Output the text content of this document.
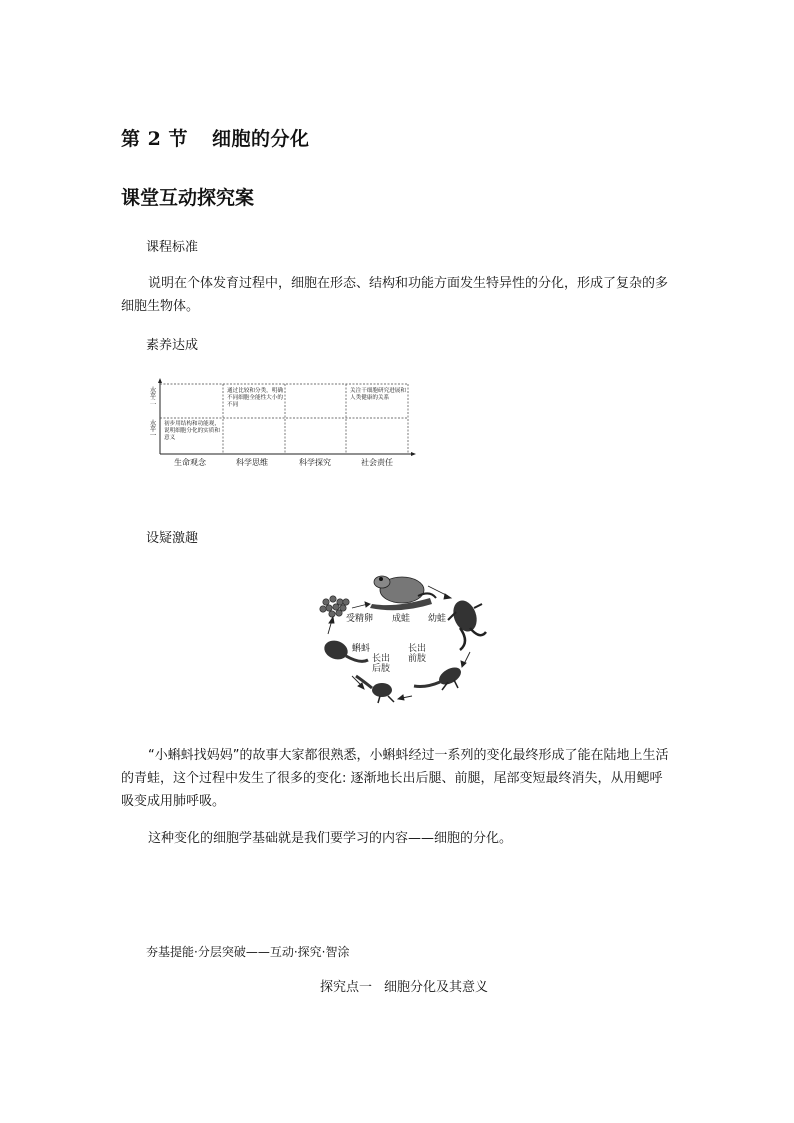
第 2 节 细胞的分化
课堂互动探究案
课程标准
说明在个体发育过程中，细胞在形态、结构和功能方面发生特异性的分化，形成了复杂的多细胞生物体。
素养达成
水平二
水平一
通过比较和分类，明确不同细胞全能性大小的不同
关注干细胞研究进展和人类健康的关系
初步用结构和功能观，说明细胞分化的实质和意义
生命观念	科学思维	科学探究	社会责任
设疑激趣
受精卵 成蛙 幼蛙
蝌蚪
长出
后肢
长出
前肢
“小蝌蚪找妈妈”的故事大家都很熟悉，小蝌蚪经过一系列的变化最终形成了能在陆地上生活的青蛙，这个过程中发生了很多的变化: 逐渐地长出后腿、前腿，尾部变短最终消失，从用鳃呼吸变成用肺呼吸。
这种变化的细胞学基础就是我们要学习的内容——细胞的分化。
夯基提能·分层突破——互动·探究·智涂
探究点一 细胞分化及其意义
